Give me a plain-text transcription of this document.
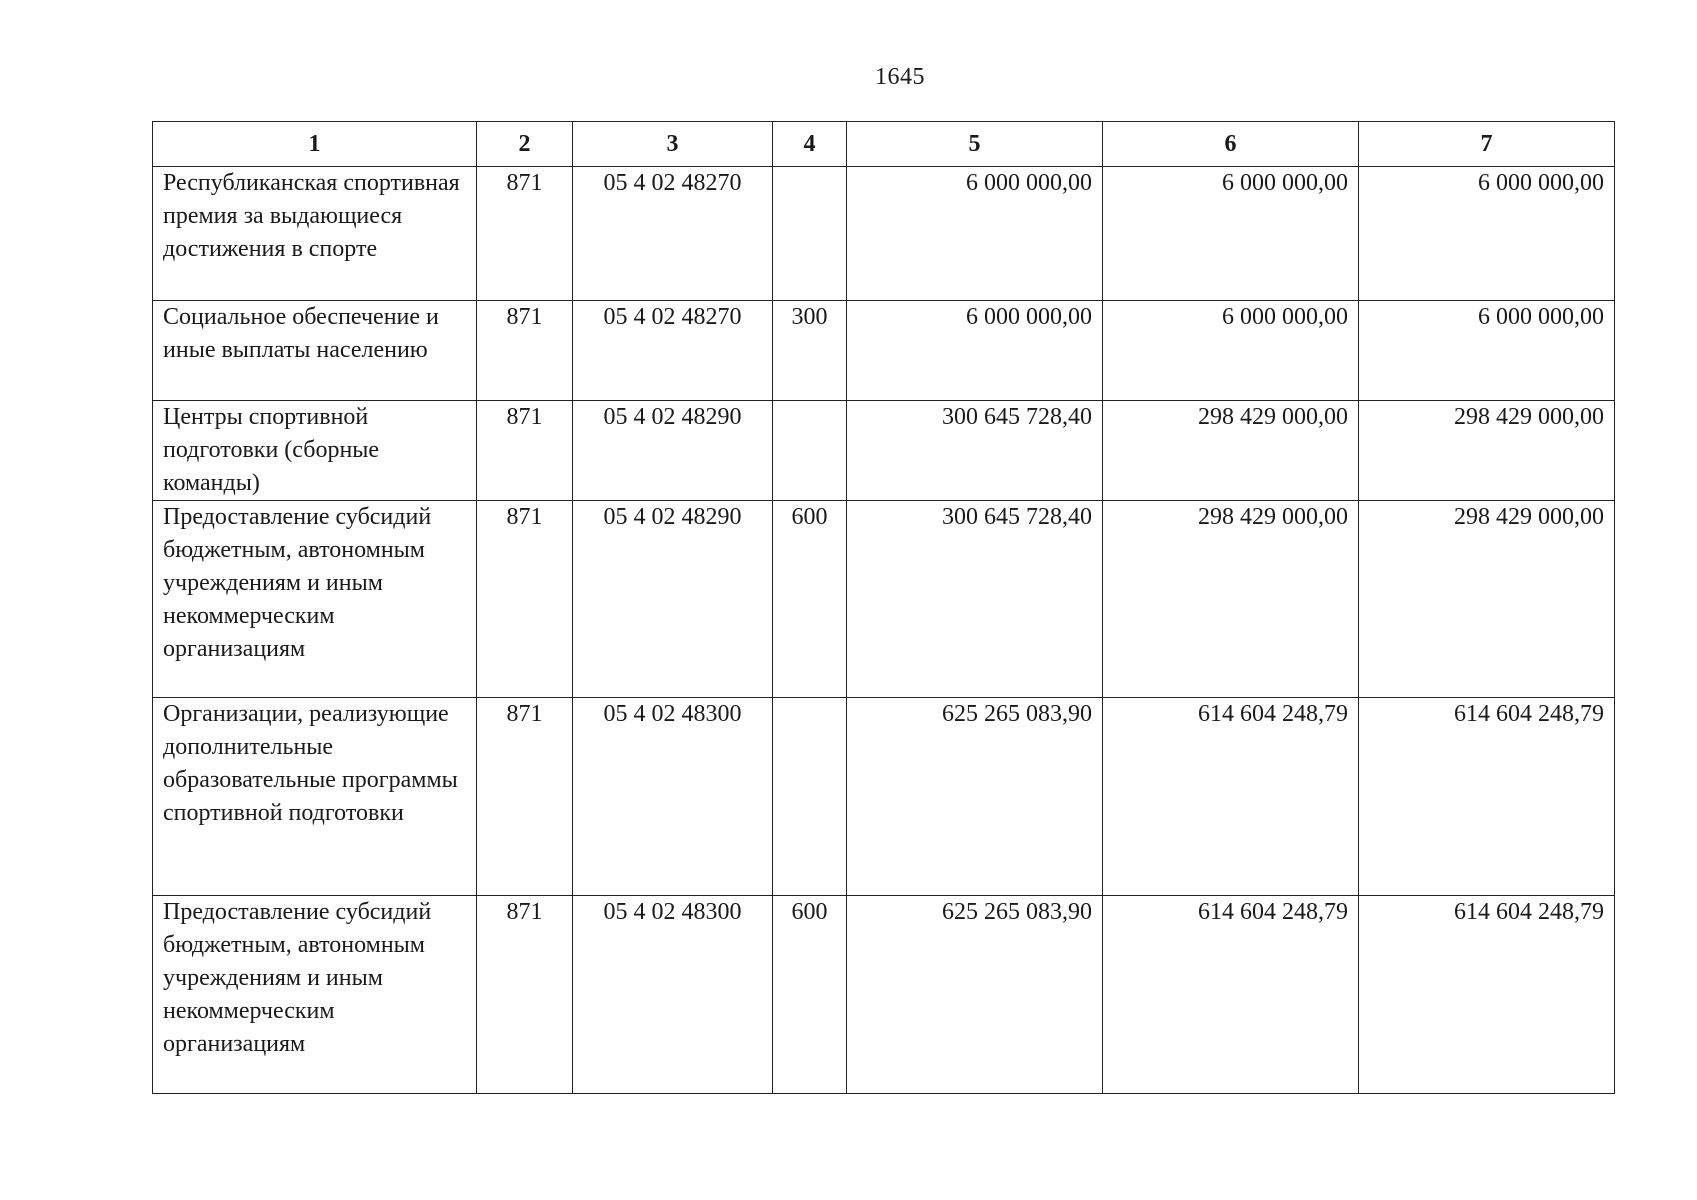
1645
1	2	3	4	5	6	7
Республиканская спортивная премия за выдающиеся достижения в спорте	871	05 4 02 48270		6 000 000,00	6 000 000,00	6 000 000,00
Социальное обеспечение и иные выплаты населению	871	05 4 02 48270	300	6 000 000,00	6 000 000,00	6 000 000,00
Центры спортивной подготовки (сборные команды)	871	05 4 02 48290		300 645 728,40	298 429 000,00	298 429 000,00
Предоставление субсидий бюджетным, автономным учреждениям и иным некоммерческим организациям	871	05 4 02 48290	600	300 645 728,40	298 429 000,00	298 429 000,00
Организации, реализующие дополнительные образовательные программы спортивной подготовки	871	05 4 02 48300		625 265 083,90	614 604 248,79	614 604 248,79
Предоставление субсидий бюджетным, автономным учреждениям и иным некоммерческим организациям	871	05 4 02 48300	600	625 265 083,90	614 604 248,79	614 604 248,79
